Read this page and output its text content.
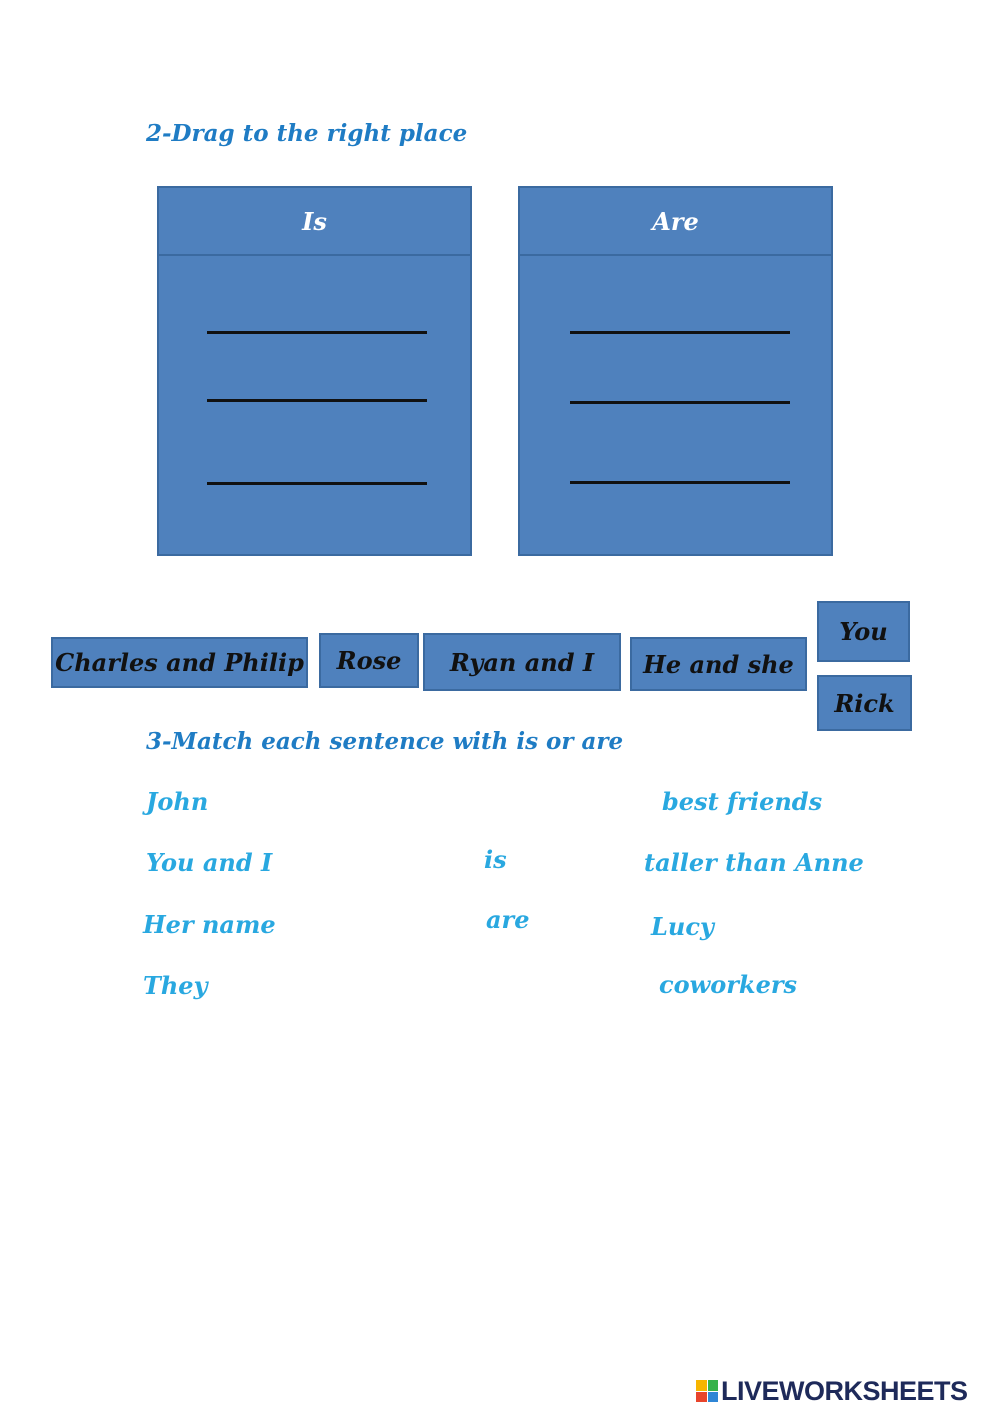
2-Drag to the right place
Is	Are
Charles and Philip	Rose	Ryan and I	He and she
You
Rick
3-Match each sentence with is or are
John
You and I
Her name
They
is
are
best friends
taller than Anne
Lucy
coworkers
LIVEWORKSHEETS
